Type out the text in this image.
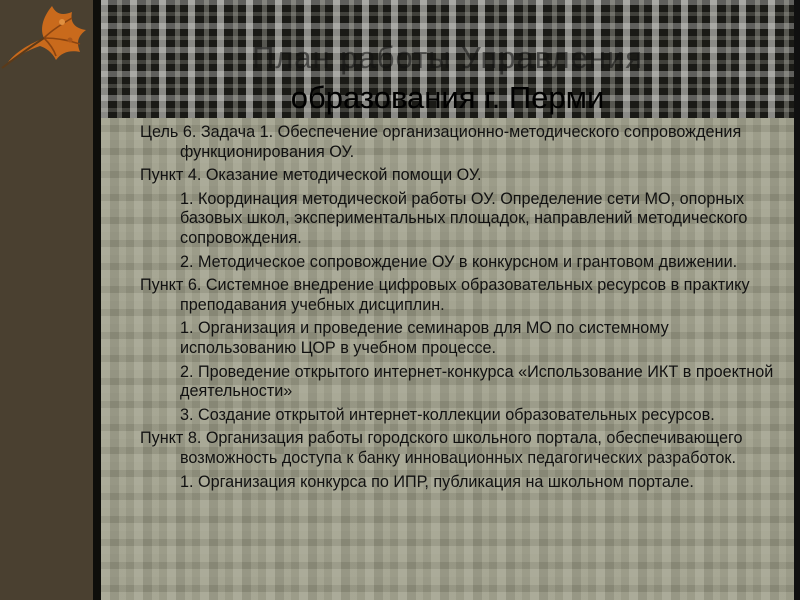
План работы Управления
образования г. Перми

Цель 6. Задача 1. Обеспечение организационно-методического сопровождения функционирования ОУ.

Пункт 4. Оказание методической помощи ОУ.

1. Координация методической работы ОУ. Определение сети МО, опорных базовых школ, экспериментальных площадок, направлений методического сопровождения.

2. Методическое сопровождение ОУ в конкурсном и грантовом движении.

Пункт 6. Системное внедрение цифровых образовательных ресурсов в практику преподавания учебных дисциплин.

1. Организация и проведение семинаров для МО по системному использованию ЦОР в учебном процессе.

2. Проведение открытого интернет-конкурса «Использование ИКТ в проектной деятельности»

3. Создание открытой интернет-коллекции образовательных ресурсов.

Пункт 8. Организация работы городского школьного портала, обеспечивающего возможность доступа к банку инновационных педагогических разработок.

1. Организация конкурса по ИПР, публикация на школьном портале.
